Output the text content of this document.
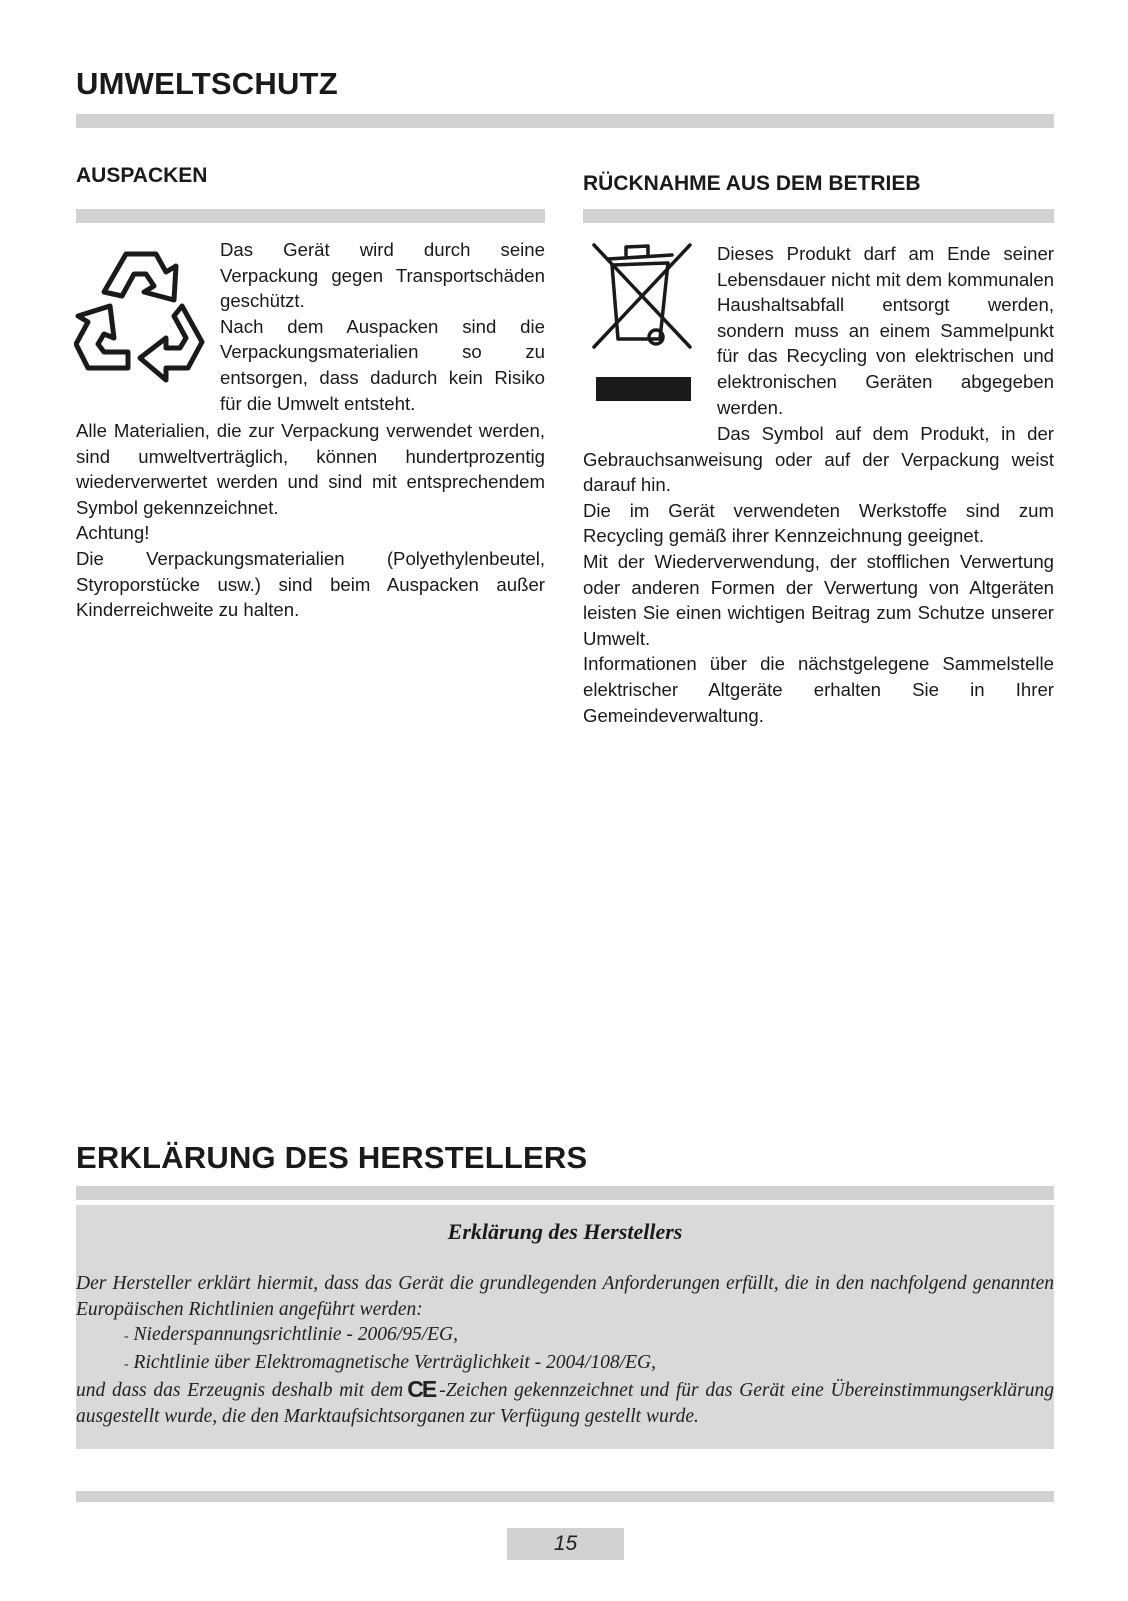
UMWELTSCHUTZ
AUSPACKEN

Das Gerät wird durch seine Verpackung gegen Transportschäden geschützt.

Nach dem Auspacken sind die Verpackungsmaterialien so zu entsorgen, dass dadurch kein Risiko für die Umwelt entsteht.

Alle Materialien, die zur Verpackung verwendet werden, sind umweltverträglich, können hundertprozentig wiederverwertet werden und sind mit entsprechendem Symbol gekennzeichnet.

Achtung!

Die Verpackungsmaterialien (Polyethylenbeutel, Styroporstücke usw.) sind beim Auspacken außer Kinderreichweite zu halten.

RÜCKNAHME AUS DEM BETRIEB

Dieses Produkt darf am Ende seiner Lebensdauer nicht mit dem kommunalen Haushaltsabfall entsorgt werden, sondern muss an einem Sammelpunkt für das Recycling von elektrischen und elektronischen Geräten abgegeben werden.

Das Symbol auf dem Produkt, in der Gebrauchsanweisung oder auf der Verpackung weist darauf hin.

Die im Gerät verwendeten Werkstoffe sind zum Recycling gemäß ihrer Kennzeichnung geeignet.

Mit der Wiederverwendung, der stofflichen Verwertung oder anderen Formen der Verwertung von Altgeräten leisten Sie einen wichtigen Beitrag zum Schutze unserer Umwelt.

Informationen über die nächstgelegene Sammelstelle elektrischer Altgeräte erhalten Sie in Ihrer Gemeindeverwaltung.

ERKLÄRUNG DES HERSTELLERS
Erklärung des Herstellers

Der Hersteller erklärt hiermit, dass das Gerät die grundlegenden Anforderungen erfüllt, die in den nachfolgend genannten Europäischen Richtlinien angeführt werden:

- Niederspannungsrichtlinie - 2006/95/EG,

- Richtlinie über Elektromagnetische Verträglichkeit - 2004/108/EG,

und dass das Erzeugnis deshalb mit dem CE -Zeichen gekennzeichnet und für das Gerät eine Übereinstimmungserklärung ausgestellt wurde, die den Marktaufsichtsorganen zur Verfügung gestellt wurde.

15
